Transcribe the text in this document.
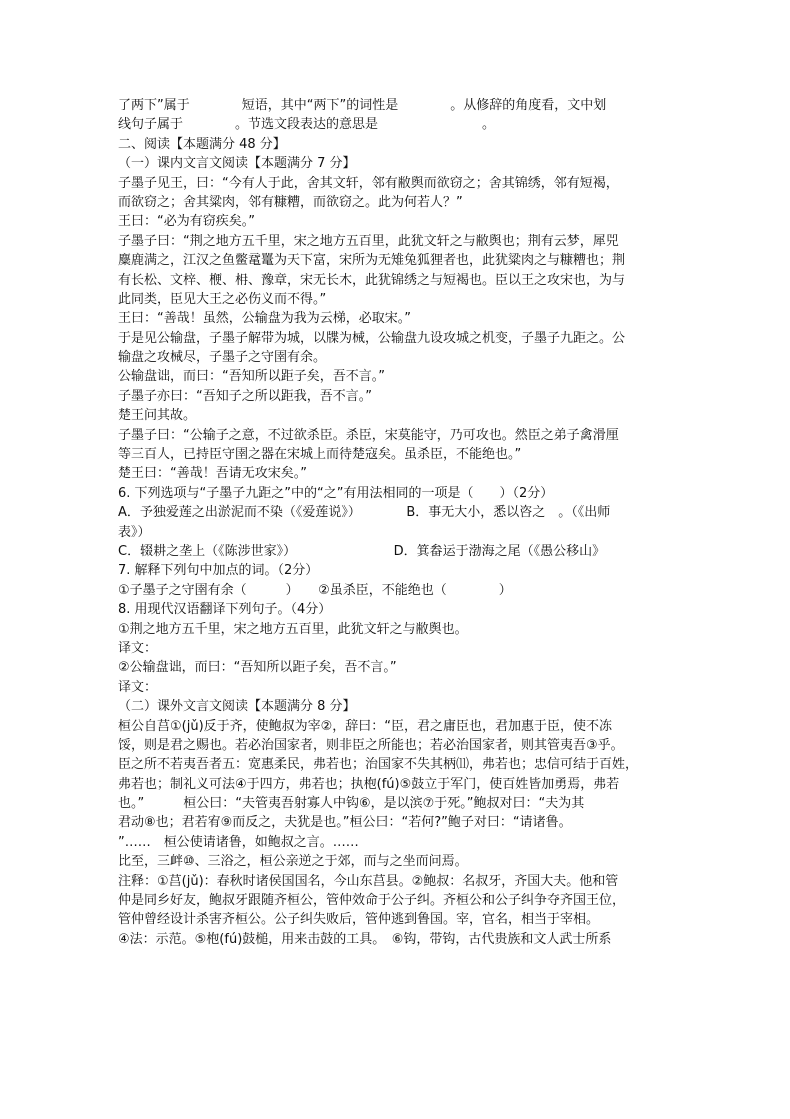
了两下”属于　　　　短语，其中“两下”的词性是　　　　。从修辞的角度看，文中划
线句子属于　　　　。节选文段表达的意思是　　　　　　　　。
二、阅读【本题满分 48 分】
（一）课内文言文阅读【本题满分 7 分】
子墨子见王，曰：“今有人于此，舍其文轩，邻有敝舆而欲窃之；舍其锦绣，邻有短褐，
而欲窃之；舍其粱肉，邻有糠糟，而欲窃之。此为何若人？”
王曰：“必为有窃疾矣。”
子墨子曰：“荆之地方五千里，宋之地方五百里，此犹文轩之与敝舆也；荆有云梦，犀兕
麋鹿满之，江汉之鱼鳖鼋鼍为天下富，宋所为无雉兔狐狸者也，此犹粱肉之与糠糟也；荆
有长松、文梓、楩、枏、豫章，宋无长木，此犹锦绣之与短褐也。臣以王之攻宋也，为与
此同类，臣见大王之必伤义而不得。”
王曰：“善哉！虽然，公输盘为我为云梯，必取宋。”
于是见公输盘，子墨子解带为城，以牒为械，公输盘九设攻城之机变，子墨子九距之。公
输盘之攻械尽，子墨子之守圉有余。
公输盘诎，而曰：“吾知所以距子矣，吾不言。”
子墨子亦曰：“吾知子之所以距我，吾不言。”
楚王问其故。
子墨子曰：“公输子之意，不过欲杀臣。杀臣，宋莫能守，乃可攻也。然臣之弟子禽滑厘
等三百人，已持臣守圉之器在宋城上而待楚寇矣。虽杀臣，不能绝也。”
楚王曰：“善哉！吾请无攻宋矣。”
6. 下列选项与“子墨子九距之”中的“之”有用法相同的一项是（　　）（2分）
A．予独爱莲之出淤泥而不染（《爱莲说》）　　　　B．事无大小，悉以咨之　。（《出师
表》）
C．辍耕之垄上（《陈涉世家》）　　　　　　　　D．箕畚运于渤海之尾（《愚公移山》
7. 解释下列句中加点的词。（2分）
①子墨子之守圉有余（　　　）　　②虽杀臣，不能绝也（　　　　）
8. 用现代汉语翻译下列句子。（4分）
①荆之地方五千里，宋之地方五百里，此犹文轩之与敝舆也。
译文：
②公输盘诎，而曰：“吾知所以距子矣，吾不言。”
译文：
（二）课外文言文阅读【本题满分 8 分】
桓公自莒①(jǔ)反于齐，使鲍叔为宰②，辞曰：“臣，君之庸臣也，君加惠于臣，使不冻
馁，则是君之赐也。若必治国家者，则非臣之所能也；若必治国家者，则其管夷吾③乎。
臣之所不若夷吾者五：宽惠柔民，弗若也；治国家不失其柄⑾，弗若也；忠信可结于百姓，
弗若也；制礼义可法④于四方，弗若也；执枹(fú)⑤鼓立于军门，使百姓皆加勇焉，弗若
也。”　　　桓公曰：“夫管夷吾射寡人中钩⑥，是以滨⑦于死。”鲍叔对曰：“夫为其
君动⑧也；君若宥⑨而反之，夫犹是也。”桓公曰：“若何?”鲍子对曰：“请诸鲁。
”……　桓公使请诸鲁，如鲍叔之言。……
比至，三衅⑩、三浴之，桓公亲逆之于郊，而与之坐而问焉。
注释：①莒(jǔ)：春秋时诸侯国国名，今山东莒县。②鲍叔：名叔牙，齐国大夫。他和管
仲是同乡好友，鲍叔牙跟随齐桓公，管仲效命于公子纠。齐桓公和公子纠争夺齐国王位，
管仲曾经设计杀害齐桓公。公子纠失败后，管仲逃到鲁国。宰，官名，相当于宰相。
④法：示范。⑤枹(fú)鼓槌，用来击鼓的工具。　⑥钩，带钩，古代贵族和文人武士所系
